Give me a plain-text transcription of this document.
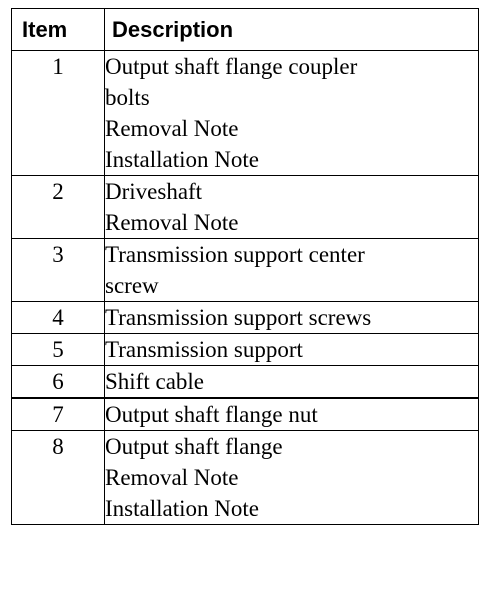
Item	Description
1	Output shaft flange coupler
bolts
Removal Note
Installation Note

2	Driveshaft
Removal Note

3	Transmission support center
screw

4	Transmission support screws

5	Transmission support

6	Shift cable

7	Output shaft flange nut

8	Output shaft flange
Removal Note
Installation Note
